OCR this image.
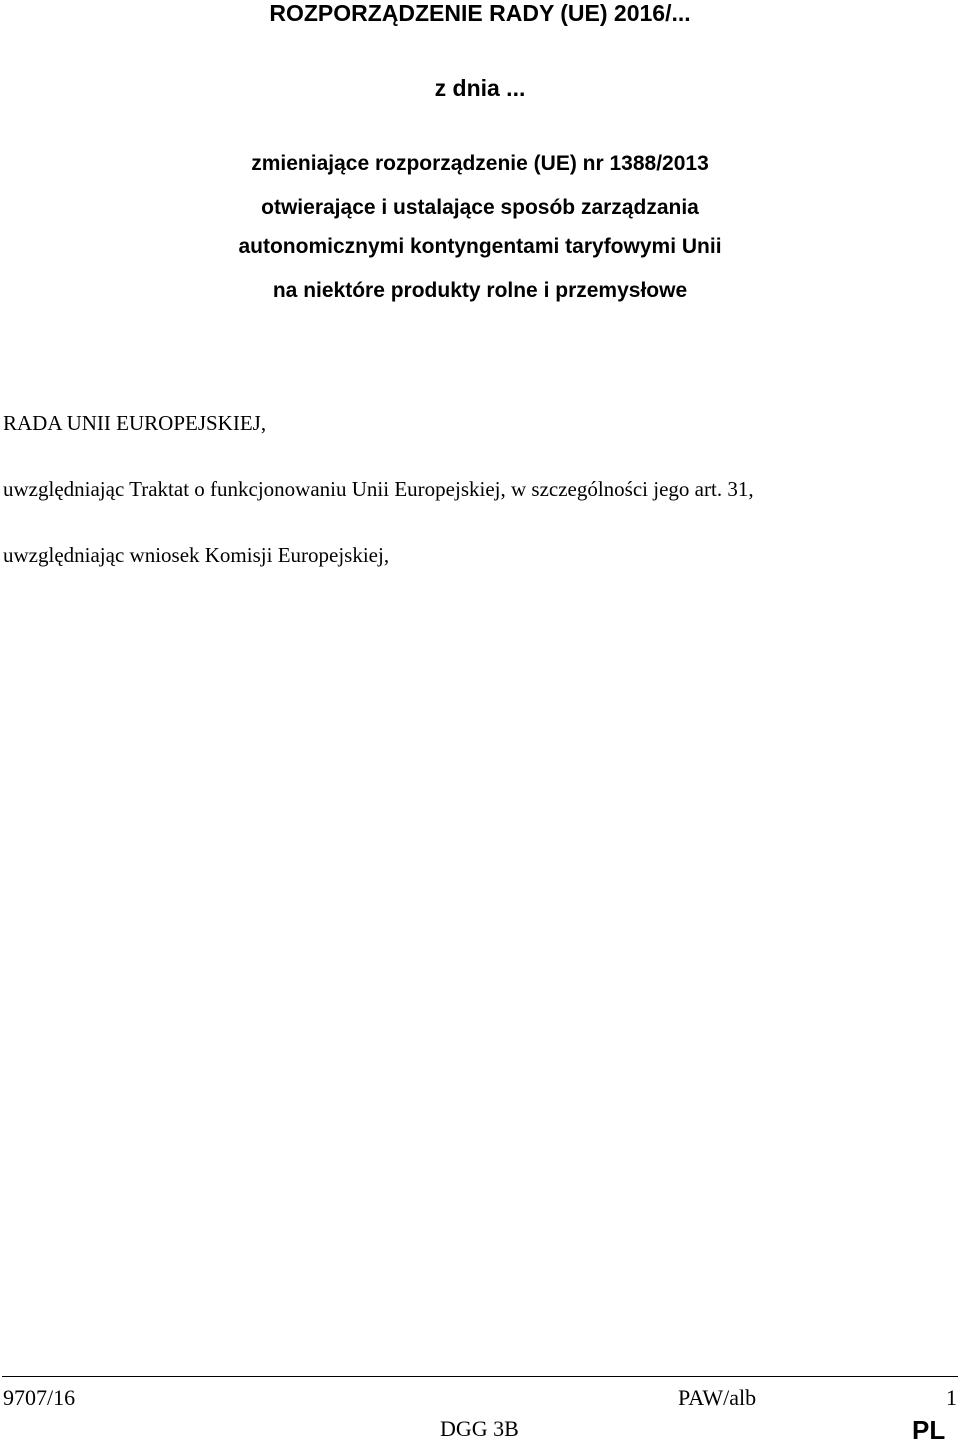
ROZPORZĄDZENIE RADY (UE) 2016/...
z dnia ...
zmieniające rozporządzenie (UE) nr 1388/2013
otwierające i ustalające sposób zarządzania
autonomicznymi kontyngentami taryfowymi Unii
na niektóre produkty rolne i przemysłowe
RADA UNII EUROPEJSKIEJ,
uwzględniając Traktat o funkcjonowaniu Unii Europejskiej, w szczególności jego art. 31,
uwzględniając wniosek Komisji Europejskiej,
9707/16	PAW/alb	1
DGG 3B	PL
